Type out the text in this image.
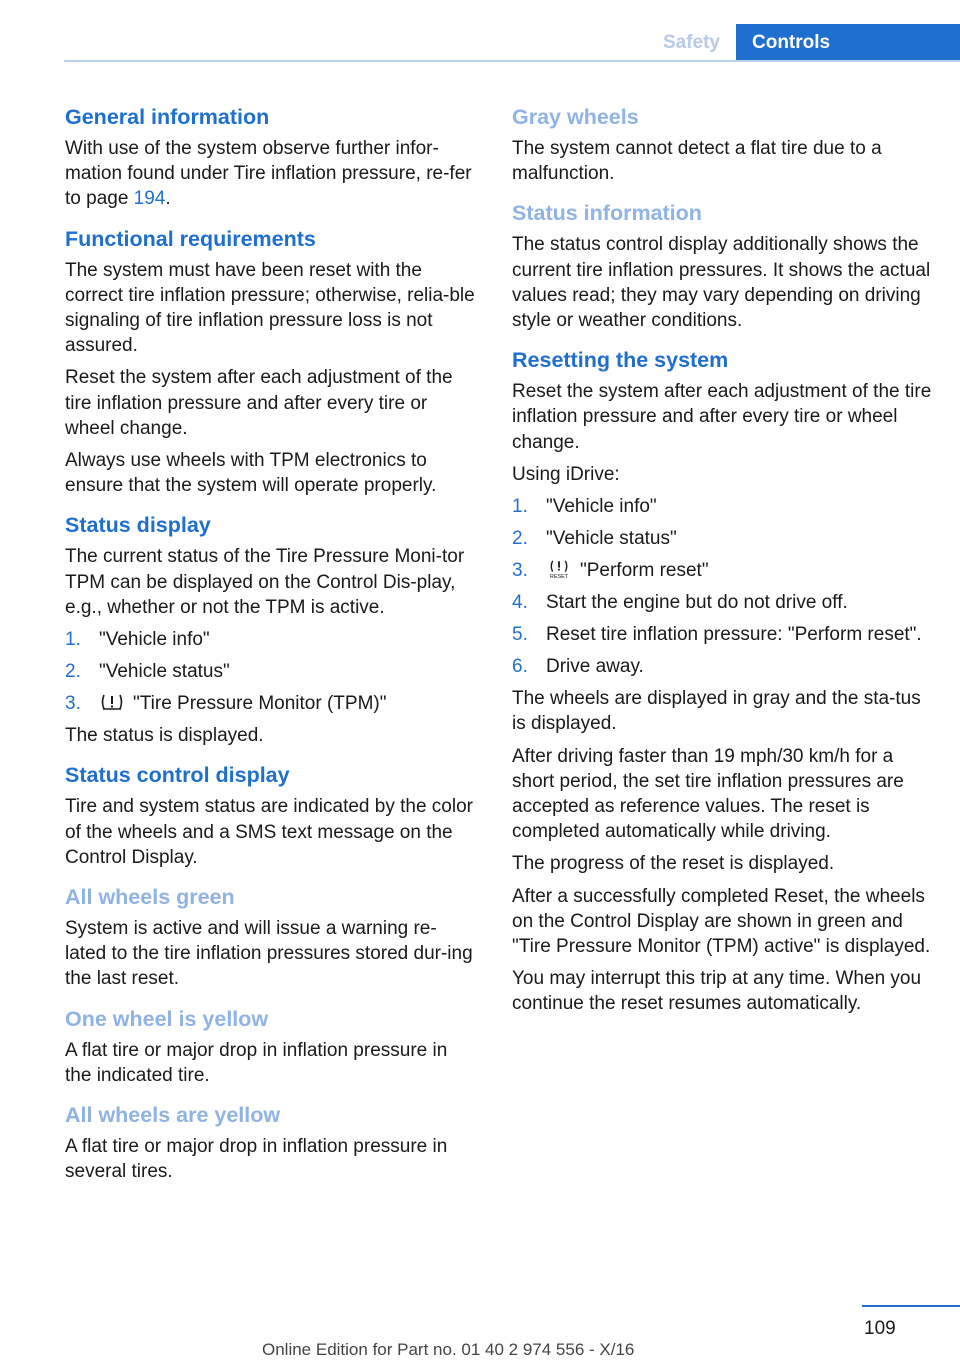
Safety	Controls
General information

With use of the system observe further infor-mation found under Tire inflation pressure, re-fer to page 194.

Functional requirements

The system must have been reset with the correct tire inflation pressure; otherwise, relia-ble signaling of tire inflation pressure loss is not assured.

Reset the system after each adjustment of the tire inflation pressure and after every tire or wheel change.

Always use wheels with TPM electronics to ensure that the system will operate properly.

Status display

The current status of the Tire Pressure Moni-tor TPM can be displayed on the Control Dis-play, e.g., whether or not the TPM is active.

1. "Vehicle info"
2. "Vehicle status"
3.	"Tire Pressure Monitor (TPM)"

The status is displayed.

Status control display

Tire and system status are indicated by the color of the wheels and a SMS text message on the Control Display.

All wheels green

System is active and will issue a warning re-lated to the tire inflation pressures stored dur-ing the last reset.

One wheel is yellow

A flat tire or major drop in inflation pressure in the indicated tire.

All wheels are yellow

A flat tire or major drop in inflation pressure in several tires.

Gray wheels

The system cannot detect a flat tire due to a malfunction.

Status information

The status control display additionally shows the current tire inflation pressures. It shows the actual values read; they may vary depending on driving style or weather conditions.

Resetting the system

Reset the system after each adjustment of the tire inflation pressure and after every tire or wheel change.

Using iDrive:

1. "Vehicle info"
2. "Vehicle status"
3.	RESET "Perform reset"
4. Start the engine but do not drive off.
5. Reset tire inflation pressure: "Perform reset".
6. Drive away.

The wheels are displayed in gray and the sta-tus is displayed.

After driving faster than 19 mph/30 km/h for a short period, the set tire inflation pressures are accepted as reference values. The reset is completed automatically while driving.

The progress of the reset is displayed.

After a successfully completed Reset, the wheels on the Control Display are shown in green and "Tire Pressure Monitor (TPM) active" is displayed.

You may interrupt this trip at any time. When you continue the reset resumes automatically.

109
Online Edition for Part no. 01 40 2 974 556 - X/16
